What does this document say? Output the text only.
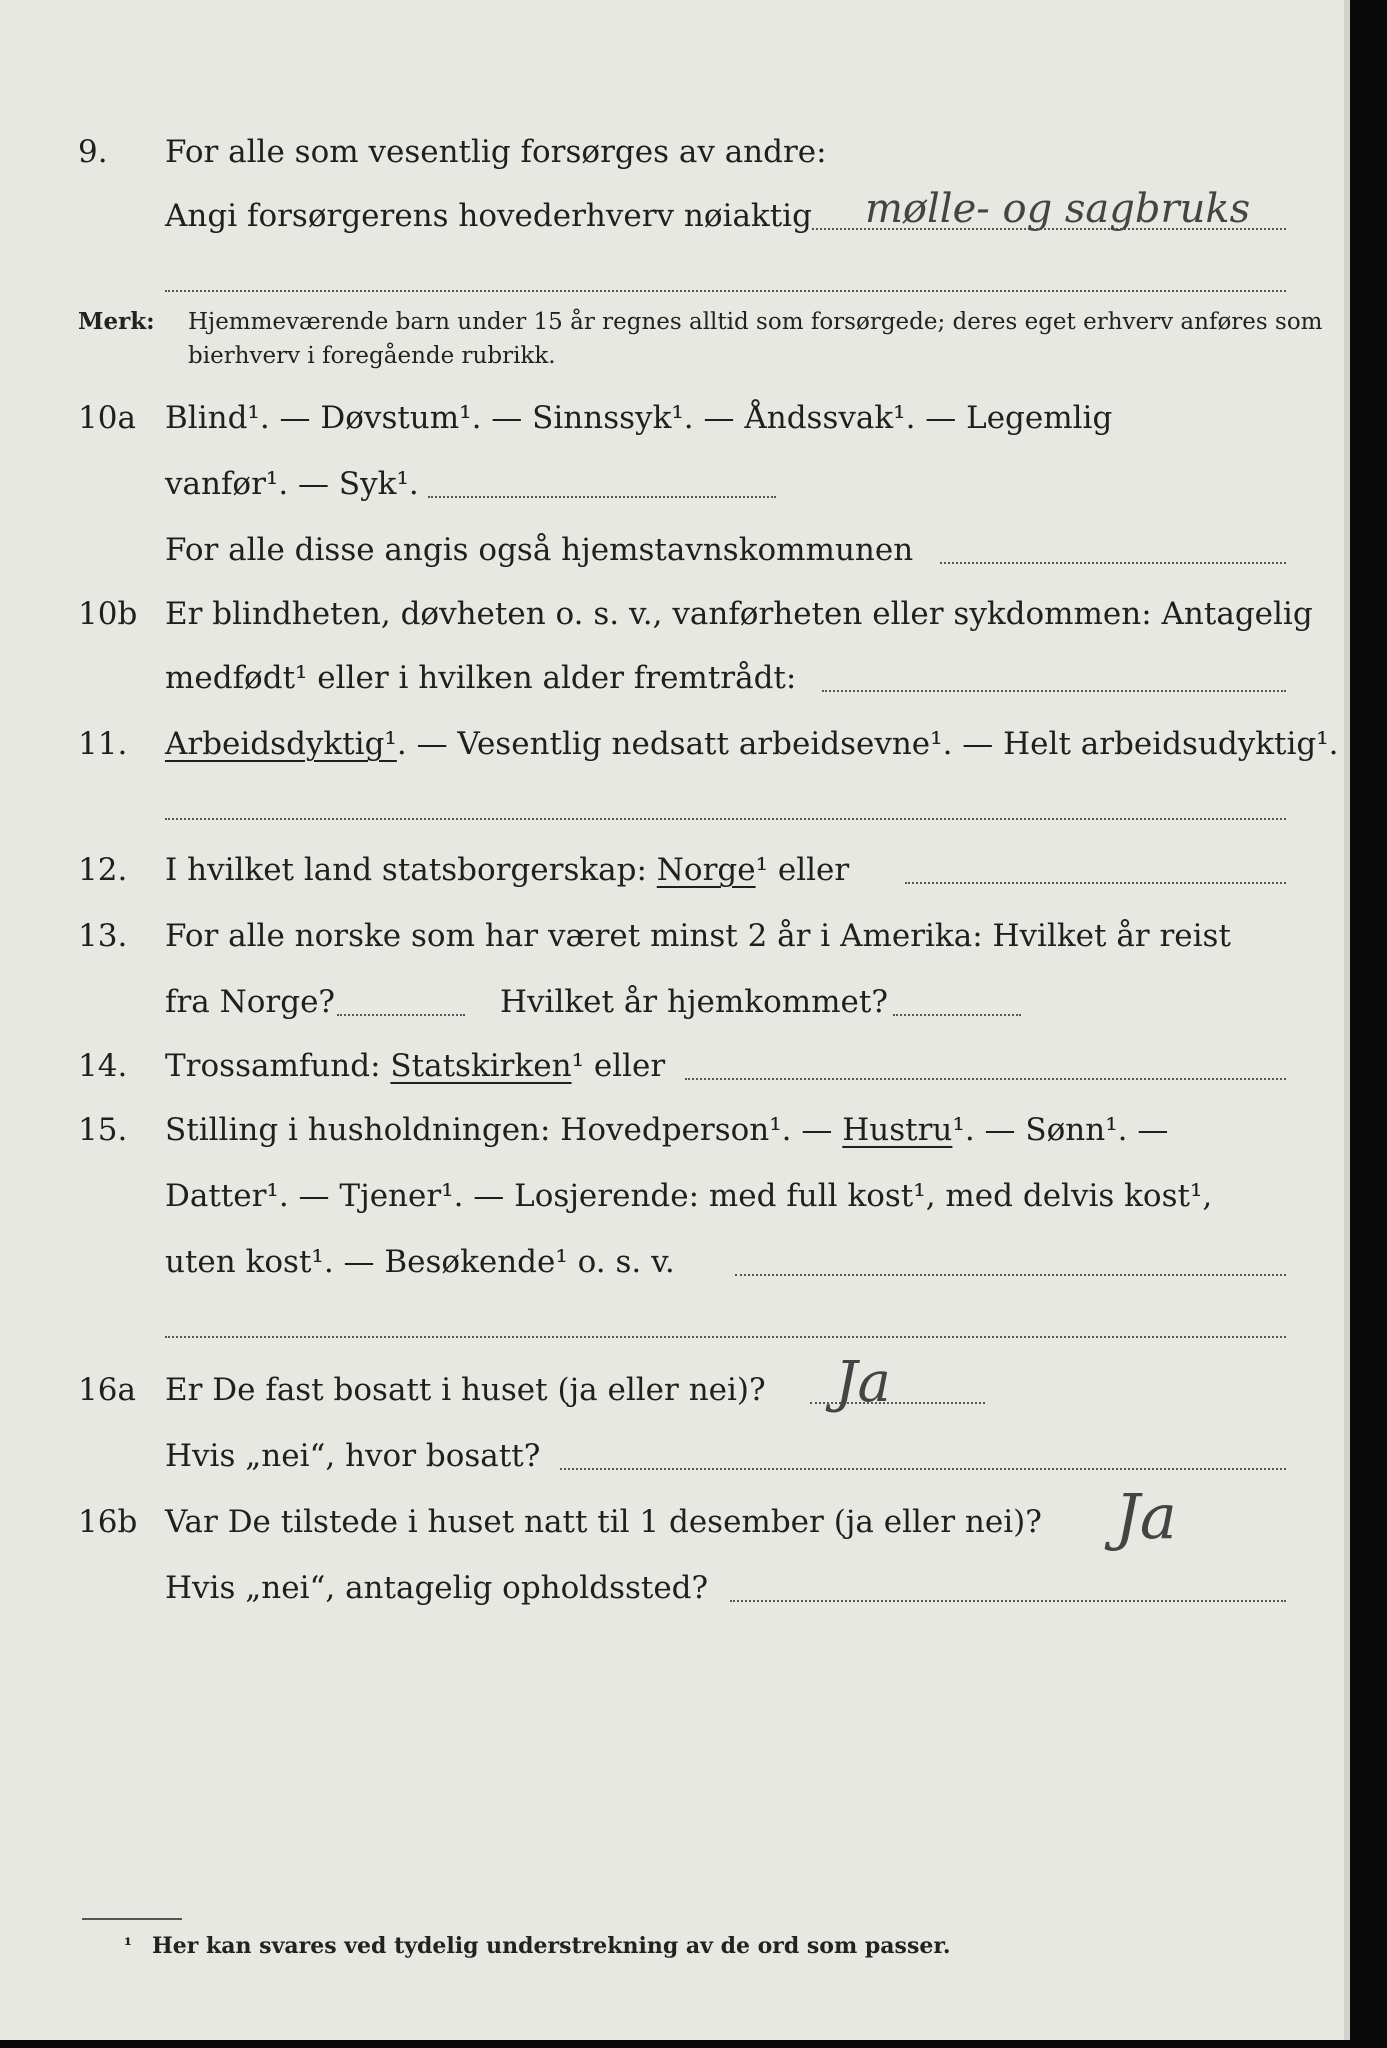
9. For alle som vesentlig forsørges av andre:
Angi forsørgerens hovederhverv nøiaktig mølle- og sagbruks
Merk: Hjemmeværende barn under 15 år regnes alltid som forsørgede; deres eget erhverv anføres som bierhverv i foregående rubrikk.
10a Blind¹. — Døvstum¹. — Sinnssyk¹. — Åndssvak¹. — Legemlig
vanfør¹. — Syk¹.
For alle disse angis også hjemstavnskommunen
10b Er blindheten, døvheten o. s. v., vanførheten eller sykdommen: Antagelig
medfødt¹ eller i hvilken alder fremtrådt:
11. Arbeidsdyktig¹. — Vesentlig nedsatt arbeidsevne¹. — Helt arbeidsudyktig¹.
12. I hvilket land statsborgerskap: Norge¹ eller
13. For alle norske som har været minst 2 år i Amerika: Hvilket år reist
fra Norge?	Hvilket år hjemkommet?
14. Trossamfund: Statskirken¹ eller
15. Stilling i husholdningen: Hovedperson¹. — Hustru¹. — Sønn¹. —
Datter¹. — Tjener¹. — Losjerende: med full kost¹, med delvis kost¹,
uten kost¹. — Besøkende¹ o. s. v.
16a Er De fast bosatt i huset (ja eller nei)? Ja
Hvis „nei“, hvor bosatt?
16b Var De tilstede i huset natt til 1 desember (ja eller nei)? Ja
Hvis „nei“, antagelig opholdssted?
¹ Her kan svares ved tydelig understrekning av de ord som passer.
